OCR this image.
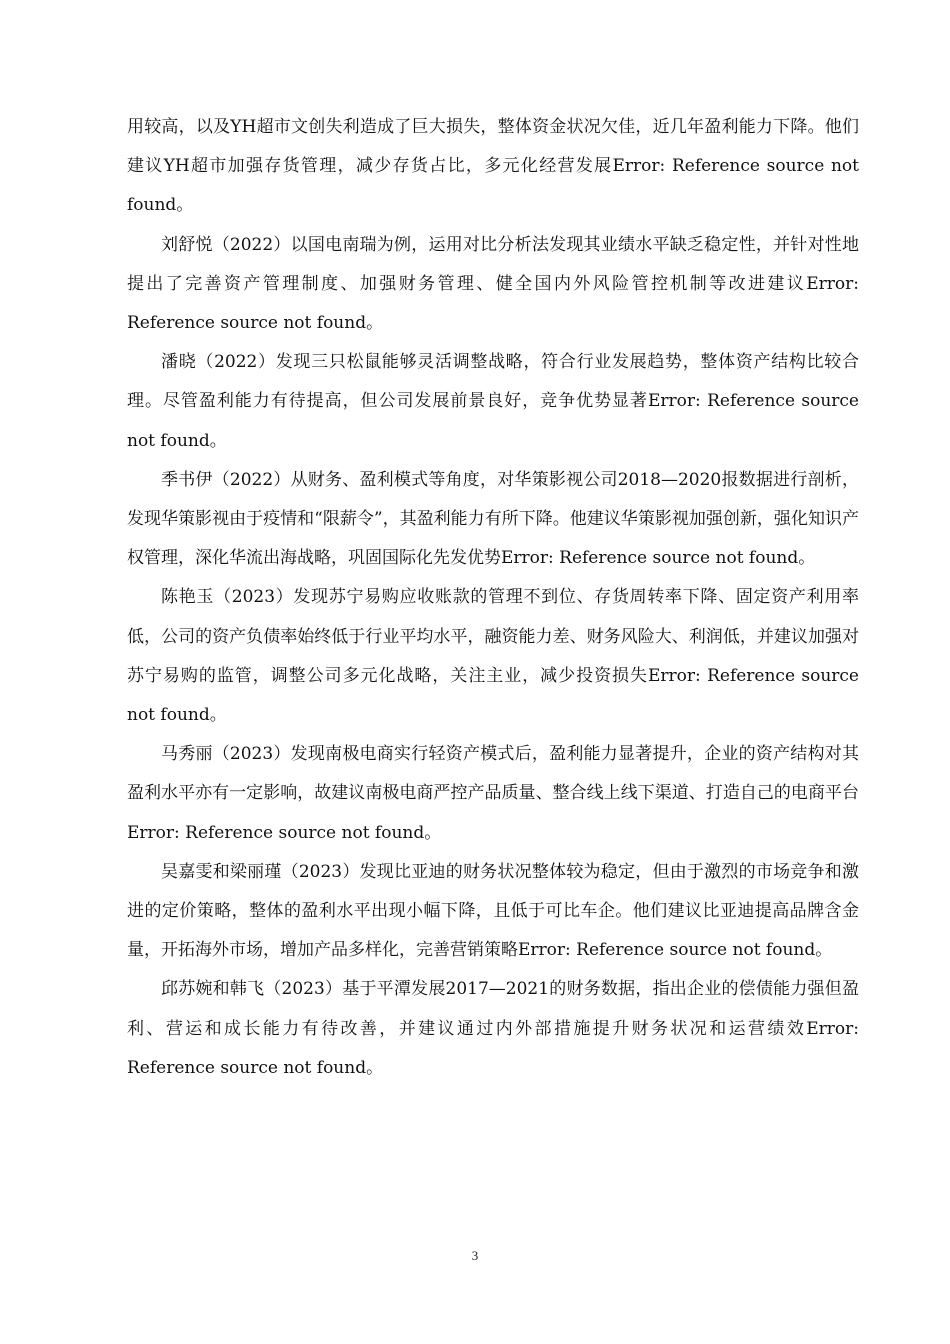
用较高，以及YH超市文创失利造成了巨大损失，整体资金状况欠佳，近几年盈利能力下降。他们建议YH超市加强存货管理，减少存货占比，多元化经营发展Error: Reference source not found。

刘舒悦（2022）以国电南瑞为例，运用对比分析法发现其业绩水平缺乏稳定性，并针对性地提出了完善资产管理制度、加强财务管理、健全国内外风险管控机制等改进建议Error: Reference source not found。

潘晓（2022）发现三只松鼠能够灵活调整战略，符合行业发展趋势，整体资产结构比较合理。尽管盈利能力有待提高，但公司发展前景良好，竞争优势显著Error: Reference source not found。

季书伊（2022）从财务、盈利模式等角度，对华策影视公司2018—2020报数据进行剖析，发现华策影视由于疫情和“限薪令”，其盈利能力有所下降。他建议华策影视加强创新，强化知识产权管理，深化华流出海战略，巩固国际化先发优势Error: Reference source not found。

陈艳玉（2023）发现苏宁易购应收账款的管理不到位、存货周转率下降、固定资产利用率低，公司的资产负债率始终低于行业平均水平，融资能力差、财务风险大、利润低，并建议加强对苏宁易购的监管，调整公司多元化战略，关注主业，减少投资损失Error: Reference source not found。

马秀丽（2023）发现南极电商实行轻资产模式后，盈利能力显著提升，企业的资产结构对其盈利水平亦有一定影响，故建议南极电商严控产品质量、整合线上线下渠道、打造自己的电商平台Error: Reference source not found。

吴嘉雯和梁丽瑾（2023）发现比亚迪的财务状况整体较为稳定，但由于激烈的市场竞争和激进的定价策略，整体的盈利水平出现小幅下降，且低于可比车企。他们建议比亚迪提高品牌含金量，开拓海外市场，增加产品多样化，完善营销策略Error: Reference source not found。

邱苏婉和韩飞（2023）基于平潭发展2017—2021的财务数据，指出企业的偿债能力强但盈利、营运和成长能力有待改善，并建议通过内外部措施提升财务状况和运营绩效Error: Reference source not found。

3
